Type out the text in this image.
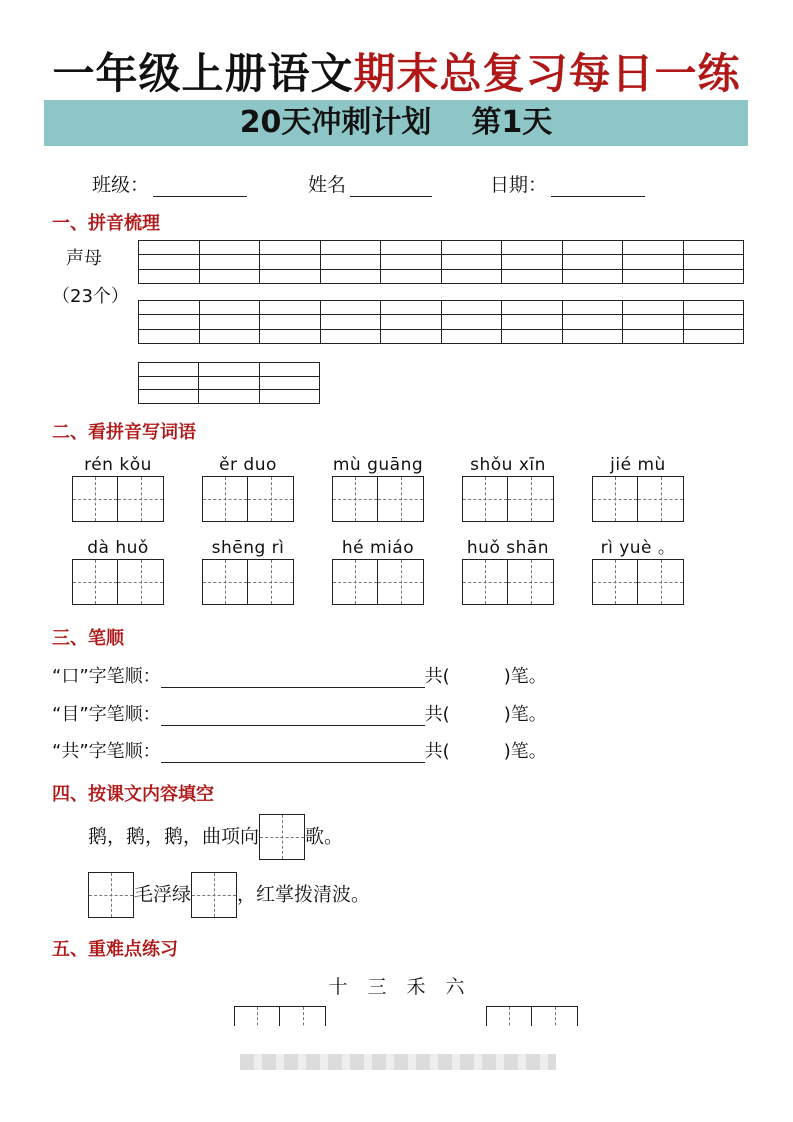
一年级上册语文期末总复习每日一练
20天冲刺计划 第1天
班级：	姓名	日期：
一、拼音梳理
声母
（23个）

二、看拼音写词语
rén kǒu	ěr duo	mù guāng	shǒu xīn	jié mù
dà huǒ	shēng rì	hé miáo	huǒ shān	rì yuè 。
三、笔顺
“口”字笔顺：	共(	)笔。
“目”字笔顺：	共(	)笔。
“共”字笔顺：	共(	)笔。
四、按课文内容填空
鹅，鹅，鹅，曲项向 歌。
毛浮绿 ，红掌拨清波。
五、重难点练习
十 三 禾 六
